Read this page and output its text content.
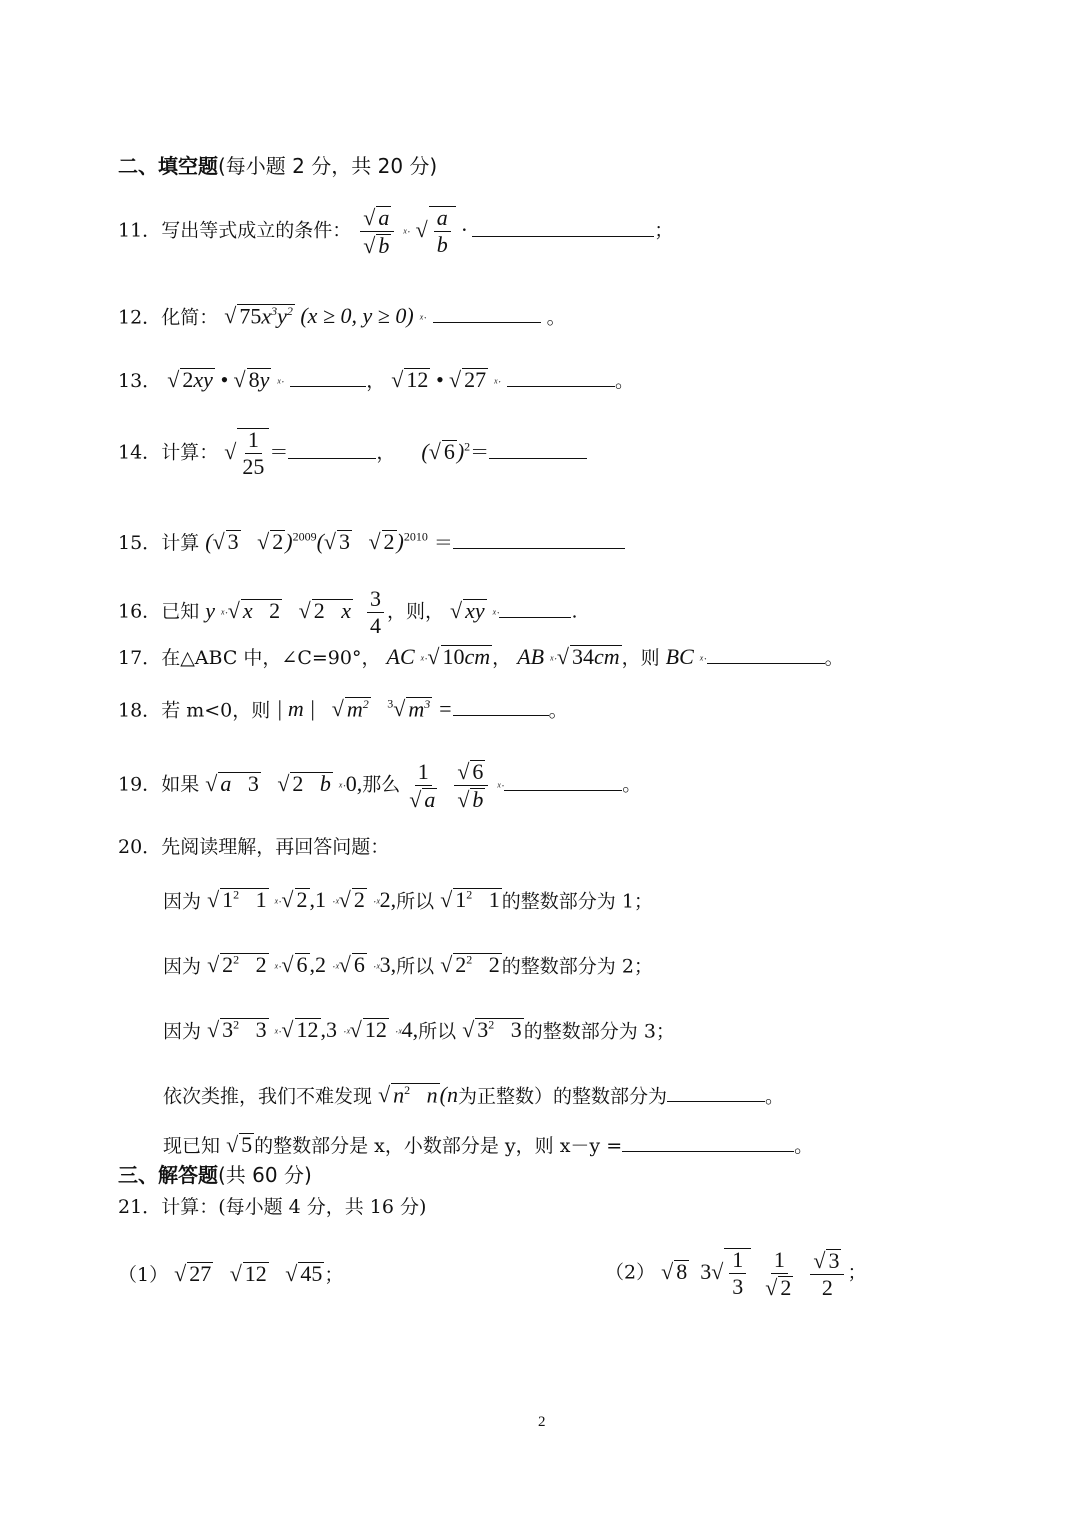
二、填空题(每小题 2 分，共 20 分)
11．写出等式成立的条件： $\frac{√ a}{√ b}$ ˣˑ √ $\frac{a}{b}$ ·	；
12．化简： √ $75x^3y^2$ (x ≥ 0, y ≥ 0) ˣˑ	。
13． √ 2xy • √ 8y ˣˑ	， √ 12 • √ 27 ˣˑ	。
14．计算： √ $\frac{1}{25}$ ＝	， (√ 6)$^2$＝
15．计算 (√ 3   √ 2)$^{2009}$(√ 3   √ 2)$^{2010}$ ＝
16．已知 y ˣˑ√ x   2   √ 2   x $\frac{3}{4}$ ，则， √ xy ˣˑ	.
17．在△ABC 中，∠C=90°， AC ˣˑ√ 10cm ， AB ˣˑ√ 34cm ，则 BC ˣˑ	。
18．若 m<0，则 | m |   √ $m^2$ $^3$√ $m^3$ =	。
19．如果 √ a   3   √ 2   b ˣˑ0,那么 $\frac{1}{√ a}$
$\frac{√ 6}{√ b}$ ˣˑ	。
20．先阅读理解，再回答问题：
因为 √ $1^2$   1 ˣˑ√ 2,1 ˑˣ√ 2 ˑˣ2,所以 √ $1^2$   1 的整数部分为 1；
因为 √ $2^2$   2 ˣˑ√ 6,2 ˑˣ√ 6 ˑˣ3,所以 √ $2^2$   2 的整数部分为 2；
因为 √ $3^2$   3 ˣˑ√ 12,3 ˑˣ√ 12 ˑˣ4,所以 √ $3^2$   3 的整数部分为 3；
依次类推，我们不难发现 √ $n^2$   n(n为正整数）的整数部分为	。
现已知 √ 5 的整数部分是 x，小数部分是 y，则 x－y =	。
三、解答题(共 60 分)
21．计算：(每小题 4 分，共 16 分)
（1） √ 27   √ 12   √ 45 ；	（2） √ 8 $3√ \frac{1}{3}$
$\frac{1}{√ 2}$
$\frac{√ 3}{2}$ ；
2
